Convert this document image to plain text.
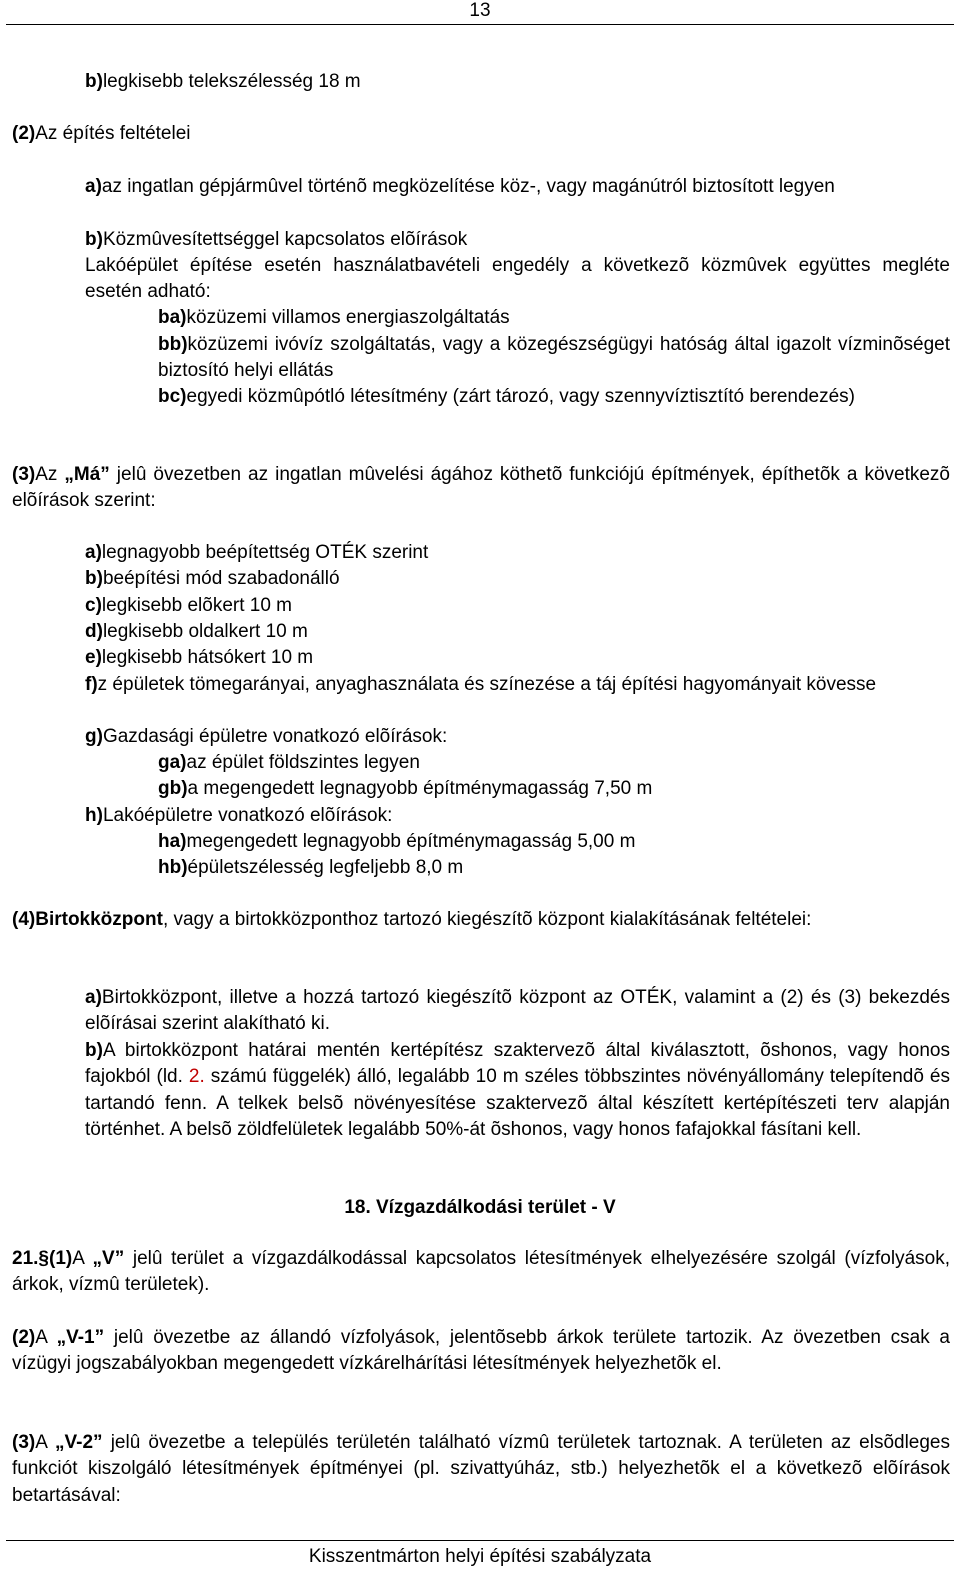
13

b)legkisebb telekszélesség 18 m

(2)Az építés feltételei

a)az ingatlan gépjármûvel történõ megközelítése köz-, vagy magánútról biztosított legyen

b)Közmûvesítettséggel kapcsolatos elõírások

Lakóépület építése esetén használatbavételi engedély a következõ közmûvek együttes megléte esetén adható:

ba)közüzemi villamos energiaszolgáltatás

bb)közüzemi ivóvíz szolgáltatás, vagy a közegészségügyi hatóság által igazolt vízminõséget biztosító helyi ellátás

bc)egyedi közmûpótló létesítmény (zárt tározó, vagy szennyvíztisztító berendezés)

(3)Az „Má” jelû övezetben az ingatlan mûvelési ágához köthetõ funkciójú építmények, építhetõk a következõ elõírások szerint:

a)legnagyobb beépítettség OTÉK szerint

b)beépítési mód szabadonálló

c)legkisebb elõkert 10 m

d)legkisebb oldalkert 10 m

e)legkisebb hátsókert 10 m

f)z épületek tömegarányai, anyaghasználata és színezése a táj építési hagyományait kövesse

g)Gazdasági épületre vonatkozó elõírások:

ga)az épület földszintes legyen

gb)a megengedett legnagyobb építménymagasság 7,50 m

h)Lakóépületre vonatkozó elõírások:

ha)megengedett legnagyobb építménymagasság 5,00 m

hb)épületszélesség legfeljebb 8,0 m

(4)Birtokközpont, vagy a birtokközponthoz tartozó kiegészítõ központ kialakításának feltételei:

a)Birtokközpont, illetve a hozzá tartozó kiegészítõ központ az OTÉK, valamint a (2) és (3) bekezdés elõírásai szerint alakítható ki.

b)A birtokközpont határai mentén kertépítész szaktervezõ által kiválasztott, õshonos, vagy honos fajokból (ld. 2. számú függelék) álló, legalább 10 m széles többszintes növényállomány telepítendõ és tartandó fenn. A telkek belsõ növényesítése szaktervezõ által készített kertépítészeti terv alapján történhet. A belsõ zöldfelületek legalább 50%-át õshonos, vagy honos fafajokkal fásítani kell.

18. Vízgazdálkodási terület - V

21.§(1)A „V” jelû terület a vízgazdálkodással kapcsolatos létesítmények elhelyezésére szolgál (vízfolyások, árkok, vízmû területek).

(2)A „V-1” jelû övezetbe az állandó vízfolyások, jelentõsebb árkok területe tartozik. Az övezetben csak a vízügyi jogszabályokban megengedett vízkárelhárítási létesítmények helyezhetõk el.

(3)A „V-2” jelû övezetbe a település területén található vízmû területek tartoznak. A területen az elsõdleges funkciót kiszolgáló létesítmények építményei (pl. szivattyúház, stb.) helyezhetõk el a következõ elõírások betartásával:

Kisszentmárton helyi építési szabályzata
